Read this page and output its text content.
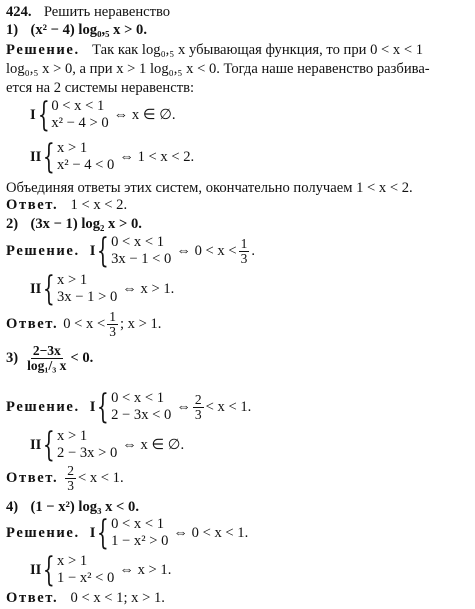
424. Решить неравенство
1) (x² − 4) log₀,₅ x > 0.
Решение. Так как log₀,₅ x убывающая функция, то при 0 < x < 1
log₀,₅ x > 0, а при x > 1 log₀,₅ x < 0. Тогда наше неравенство разбива-
ется на 2 системы неравенств:
I { 0 < x < 1
x² − 4 > 0 ⇔ x ∈ ∅.
II { x > 1
x² − 4 < 0
⇔ 1 < x < 2.
Объединяя ответы этих систем, окончательно получаем 1 < x < 2.
Ответ. 1 < x < 2.
2) (3x − 1) log₂ x > 0.
Решение. I { 0 < x < 1
3x − 1 < 0
⇔ $0 < x < \frac{1}{3}$ .
II { x > 1
3x − 1 > 0
⇔ x > 1.
Ответ. $0 < x < \frac{1}{3}$ ; x > 1.
$3) \frac{2-3x}{\text{log₁/₃ x}} < 0$.
Решение. I { 0 < x < 1
2 − 3x < 0
⇔ $\frac{2}{3} < x < 1$.
II { x > 1
2 − 3x > 0 ⇔ x ∈ ∅.
Ответ. $\frac{2}{3} < x < 1$.
4) (1 − x²) log₃ x < 0.
Решение. I { 0 < x < 1
1 − x² > 0
⇔ 0 < x < 1.
II { x > 1
1 − x² < 0
⇔ x > 1.
Ответ. 0 < x < 1; x > 1.
